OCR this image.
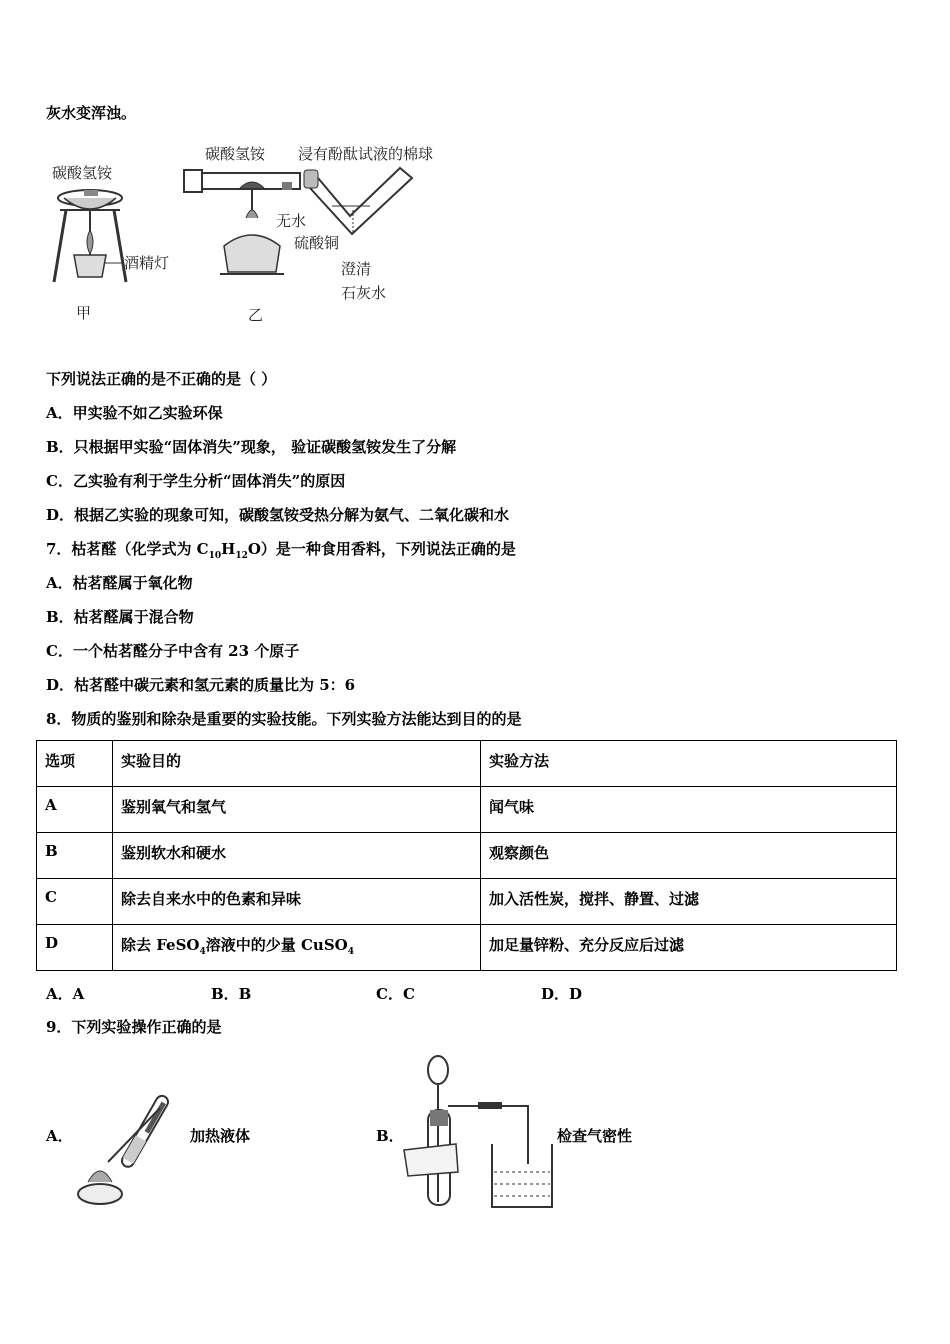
灰水变浑浊。
碳酸氢铵
酒精灯
甲
碳酸氢铵 浸有酚酞试液的棉球
无水
硫酸铜
澄清
石灰水
乙
下列说法正确的是不正确的是（ ）
A．甲实验不如乙实验环保
B．只根据甲实验“固体消失”现象， 验证碳酸氢铵发生了分解
C．乙实验有利于学生分析“固体消失”的原因
D．根据乙实验的现象可知，碳酸氢铵受热分解为氨气、二氧化碳和水
7．枯茗醛（化学式为 $C_{10}H_{12}O$）是一种食用香料，下列说法正确的是
A．枯茗醛属于氧化物
B．枯茗醛属于混合物
C．一个枯茗醛分子中含有 23 个原子
D．枯茗醛中碳元素和氢元素的质量比为 5：6
8．物质的鉴别和除杂是重要的实验技能。下列实验方法能达到目的的是
选项	实验目的	实验方法
A	鉴别氧气和氢气	闻气味
B	鉴别软水和硬水	观察颜色
C	除去自来水中的色素和异味	加入活性炭，搅拌、静置、过滤
D	除去 FeSO$_4$溶液中的少量 CuSO$_4$	加足量锌粉、充分反应后过滤
A．A	B．B	C．C	D．D
9．下列实验操作正确的是
A．	加热液体	B．	检查气密性
